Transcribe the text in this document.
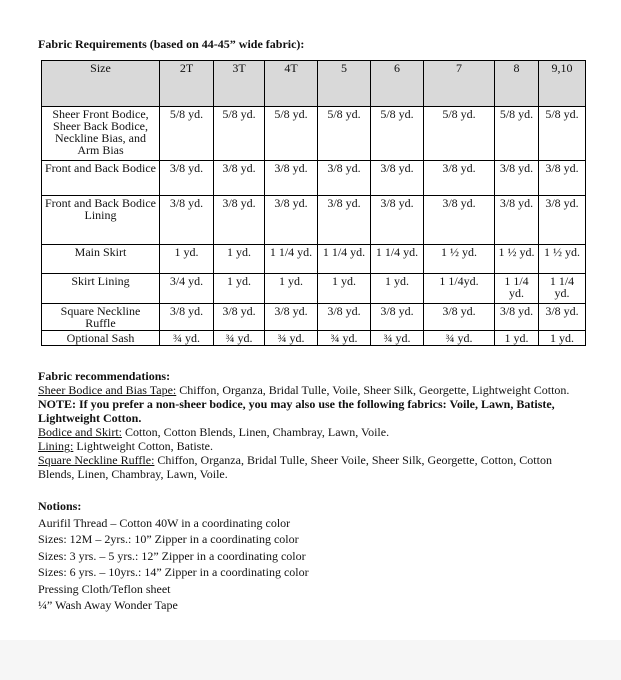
Fabric Requirements (based on 44-45” wide fabric):

Size	2T	3T	4T	5	6	7	8	9,10
Sheer Front Bodice, Sheer Back Bodice, Neckline Bias, and Arm Bias	5/8 yd.	5/8 yd.	5/8 yd.	5/8 yd.	5/8 yd.	5/8 yd.	5/8 yd.	5/8 yd.
Front and Back Bodice	3/8 yd.	3/8 yd.	3/8 yd.	3/8 yd.	3/8 yd.	3/8 yd.	3/8 yd.	3/8 yd.
Front and Back Bodice Lining	3/8 yd.	3/8 yd.	3/8 yd.	3/8 yd.	3/8 yd.	3/8 yd.	3/8 yd.	3/8 yd.
Main Skirt	1 yd.	1 yd.	1 1/4 yd.	1 1/4 yd.	1 1/4 yd.	1 ½ yd.	1 ½ yd.	1 ½ yd.
Skirt Lining	3/4 yd.	1 yd.	1 yd.	1 yd.	1 yd.	1 1/4yd.	1 1/4 yd.	1 1/4 yd.
Square Neckline Ruffle	3/8 yd.	3/8 yd.	3/8 yd.	3/8 yd.	3/8 yd.	3/8 yd.	3/8 yd.	3/8 yd.
Optional Sash	¾ yd.	¾ yd.	¾ yd.	¾ yd.	¾ yd.	¾ yd.	1 yd.	1 yd.

Fabric recommendations:

Sheer Bodice and Bias Tape: Chiffon, Organza, Bridal Tulle, Voile, Sheer Silk, Georgette, Lightweight Cotton.

NOTE: If you prefer a non-sheer bodice, you may also use the following fabrics: Voile, Lawn, Batiste, Lightweight Cotton.

Bodice and Skirt: Cotton, Cotton Blends, Linen, Chambray, Lawn, Voile.

Lining: Lightweight Cotton, Batiste.

Square Neckline Ruffle: Chiffon, Organza, Bridal Tulle, Sheer Voile, Sheer Silk, Georgette, Cotton, Cotton Blends, Linen, Chambray, Lawn, Voile.

Notions:

Aurifil Thread – Cotton 40W in a coordinating color

Sizes: 12M – 2yrs.: 10” Zipper in a coordinating color

Sizes: 3 yrs. – 5 yrs.: 12” Zipper in a coordinating color

Sizes: 6 yrs. – 10yrs.: 14” Zipper in a coordinating color

Pressing Cloth/Teflon sheet

¼” Wash Away Wonder Tape
